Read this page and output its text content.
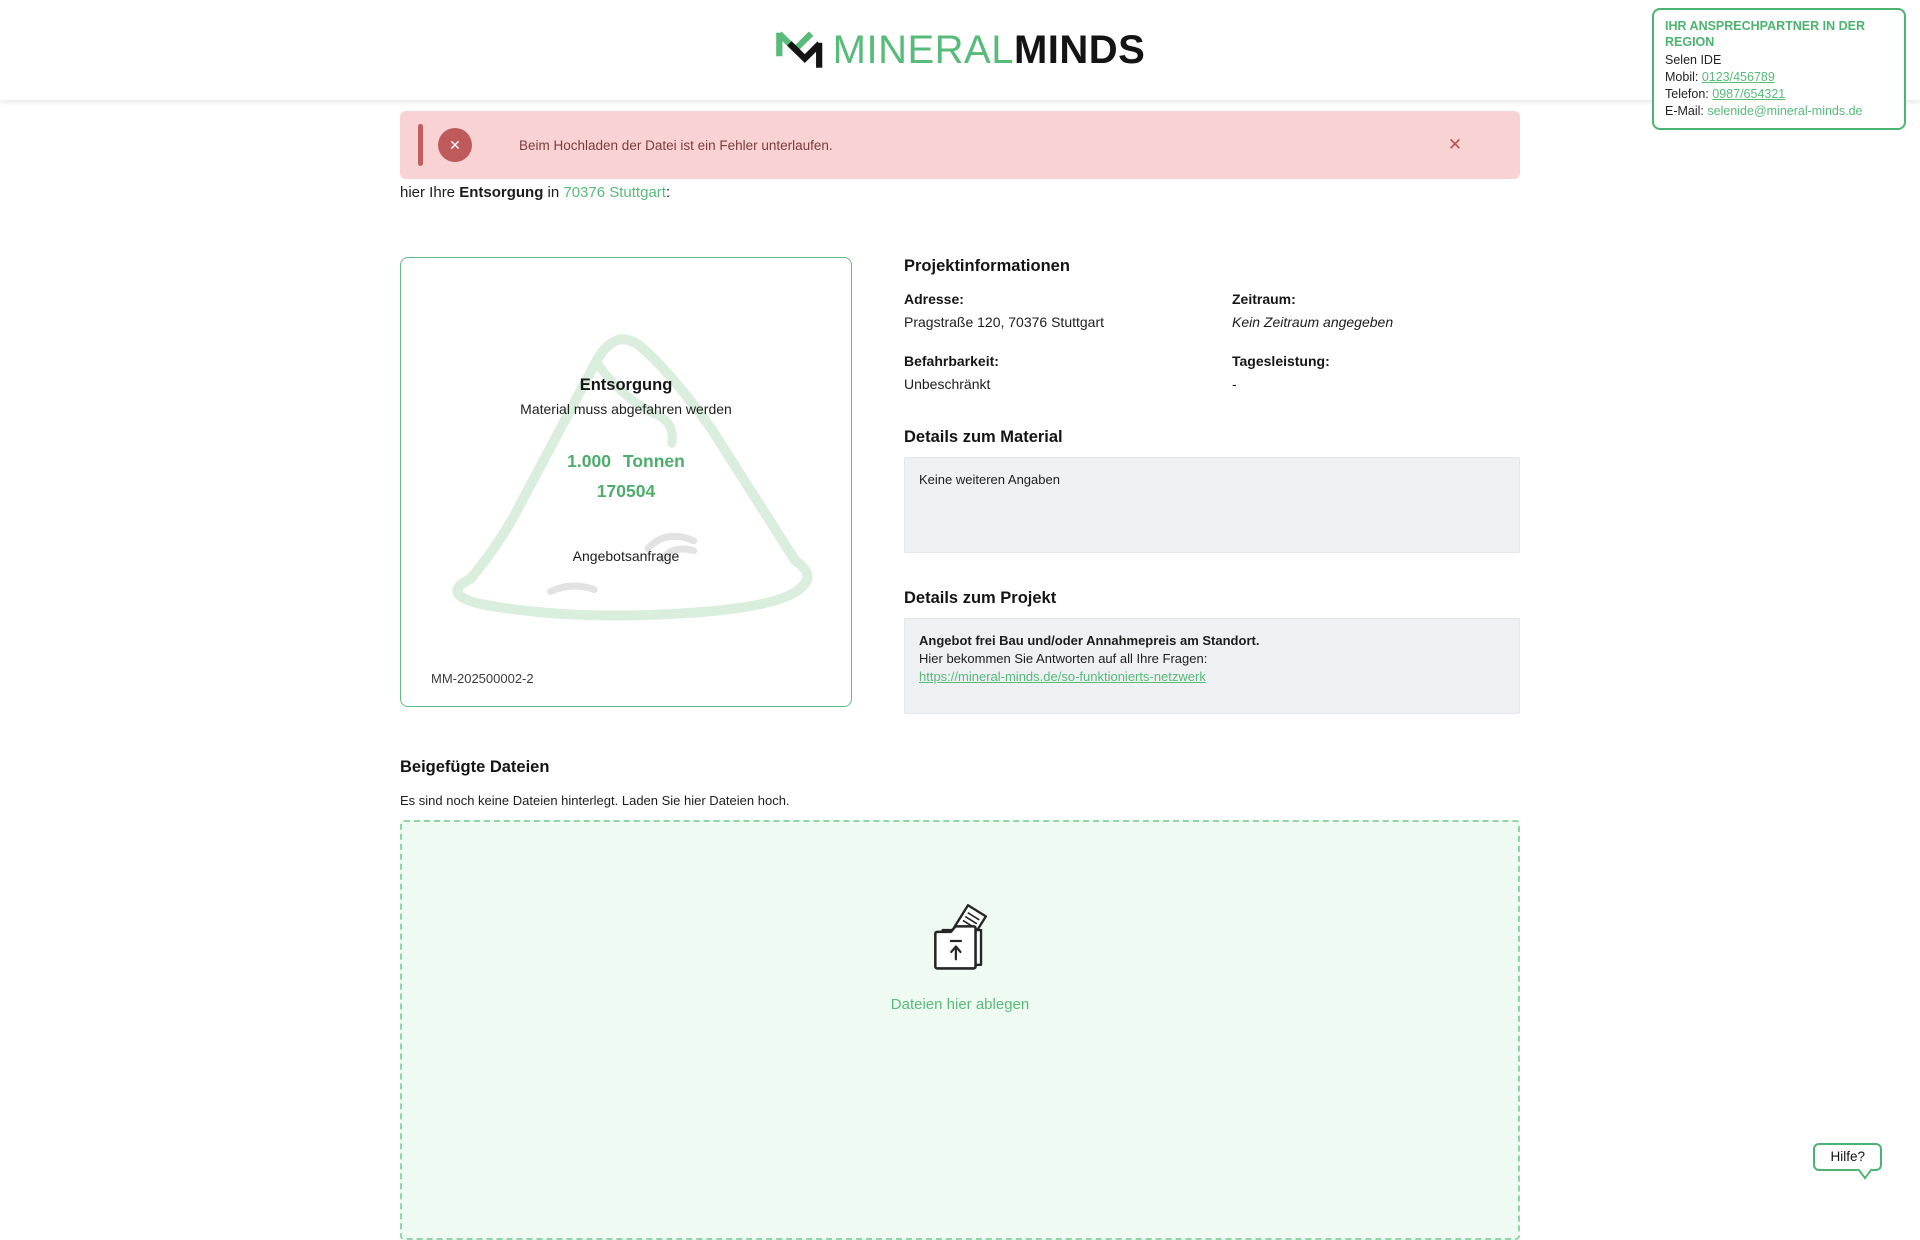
MINERALMINDS
IHR ANSPRECHPARTNER IN DER REGION
Selen IDE
Mobil: 0123/456789
Telefon: 0987/654321
E-Mail: selenide@mineral-minds.de
✕	Beim Hochladen der Datei ist ein Fehler unterlaufen.	✕

hier Ihre Entsorgung in 70376 Stuttgart:

Entsorgung
Material muss abgefahren werden
1.000 Tonnen
170504
Angebotsanfrage
MM-202500002-2
Projektinformationen
Adresse:
Pragstraße 120, 70376 Stuttgart
Zeitraum:
Kein Zeitraum angegeben
Befahrbarkeit:
Unbeschränkt
Tagesleistung:
-
Details zum Material
Keine weiteren Angaben
Details zum Projekt
Angebot frei Bau und/oder Annahmepreis am Standort.
Hier bekommen Sie Antworten auf all Ihre Fragen:
https://mineral-minds.de/so-funktionierts-netzwerk
Beigefügte Dateien

Es sind noch keine Dateien hinterlegt. Laden Sie hier Dateien hoch.

Dateien hier ablegen
Hilfe?
